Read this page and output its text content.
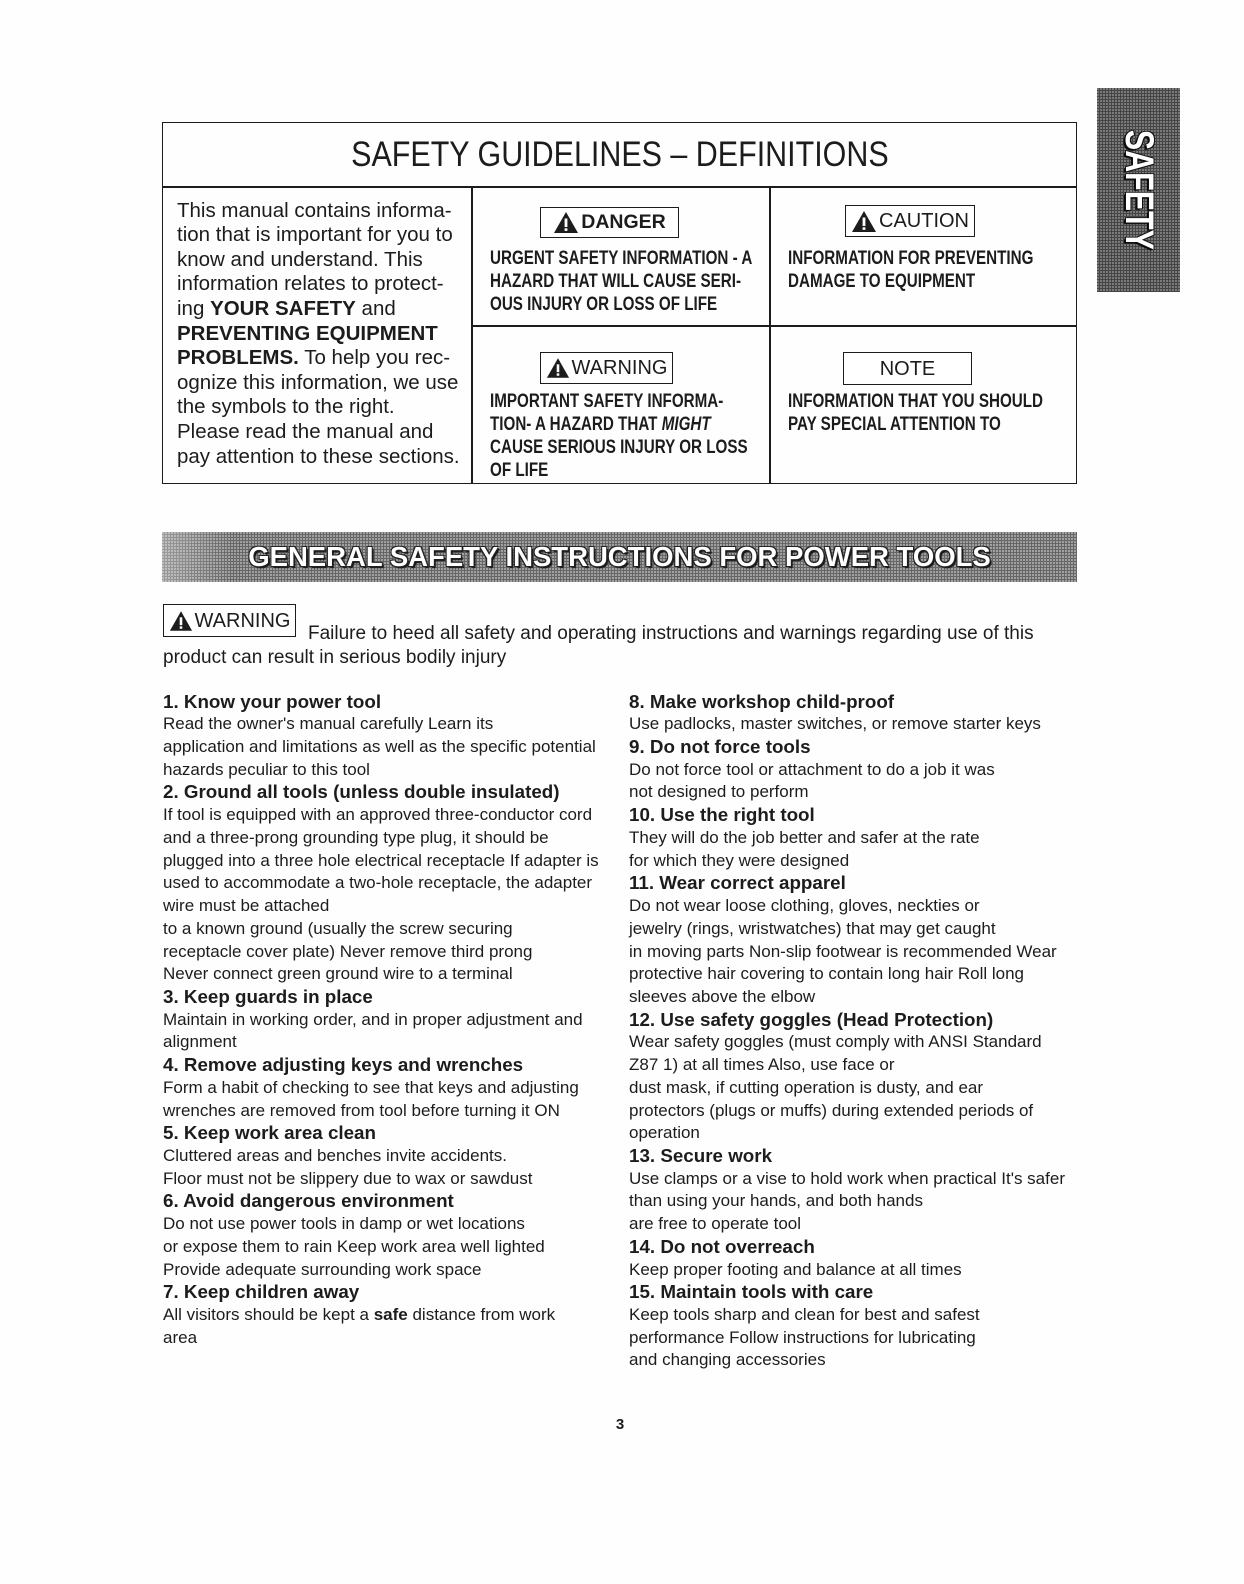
SAFETY
SAFETY GUIDELINES – DEFINITIONS
This manual contains informa-
tion that is important for you to
know and understand. This
information relates to protect-
ing YOUR SAFETY and
PREVENTING EQUIPMENT
PROBLEMS. To help you rec-
ognize this information, we use
the symbols to the right.
Please read the manual and
pay attention to these sections.
DANGER
URGENT SAFETY INFORMATION - A
HAZARD THAT WILL CAUSE SERI-
OUS INJURY OR LOSS OF LIFE
CAUTION
INFORMATION FOR PREVENTING
DAMAGE TO EQUIPMENT
WARNING
IMPORTANT SAFETY INFORMA-
TION- A HAZARD THAT MIGHT
CAUSE SERIOUS INJURY OR LOSS
OF LIFE
NOTE
INFORMATION THAT YOU SHOULD
PAY SPECIAL ATTENTION TO
GENERAL SAFETY INSTRUCTIONS FOR POWER TOOLS
WARNING
Failure to heed all safety and operating instructions and warnings regarding use of this
product can result in serious bodily injury
1. Know your power tool
Read the owner's manual carefully Learn its
application and limitations as well as the specific potential
hazards peculiar to this tool
2. Ground all tools (unless double insulated)
If tool is equipped with an approved three-conductor cord
and a three-prong grounding type plug, it should be
plugged into a three hole electrical receptacle If adapter is
used to accommodate a two-hole receptacle, the adapter
wire must be attached
to a known ground (usually the screw securing
receptacle cover plate) Never remove third prong
Never connect green ground wire to a terminal
3. Keep guards in place
Maintain in working order, and in proper adjustment and
alignment
4. Remove adjusting keys and wrenches
Form a habit of checking to see that keys and adjusting
wrenches are removed from tool before turning it ON
5. Keep work area clean
Cluttered areas and benches invite accidents.
Floor must not be slippery due to wax or sawdust
6. Avoid dangerous environment
Do not use power tools in damp or wet locations
or expose them to rain Keep work area well lighted
Provide adequate surrounding work space
7. Keep children away
All visitors should be kept a safe distance from work
area
8. Make workshop child-proof
Use padlocks, master switches, or remove starter keys
9. Do not force tools
Do not force tool or attachment to do a job it was
not designed to perform
10. Use the right tool
They will do the job better and safer at the rate
for which they were designed
11. Wear correct apparel
Do not wear loose clothing, gloves, neckties or
jewelry (rings, wristwatches) that may get caught
in moving parts Non-slip footwear is recommended Wear
protective hair covering to contain long hair Roll long
sleeves above the elbow
12. Use safety goggles (Head Protection)
Wear safety goggles (must comply with ANSI Standard
Z87 1) at all times Also, use face or
dust mask, if cutting operation is dusty, and ear
protectors (plugs or muffs) during extended periods of
operation
13. Secure work
Use clamps or a vise to hold work when practical It's safer
than using your hands, and both hands
are free to operate tool
14. Do not overreach
Keep proper footing and balance at all times
15. Maintain tools with care
Keep tools sharp and clean for best and safest
performance Follow instructions for lubricating
and changing accessories
3
